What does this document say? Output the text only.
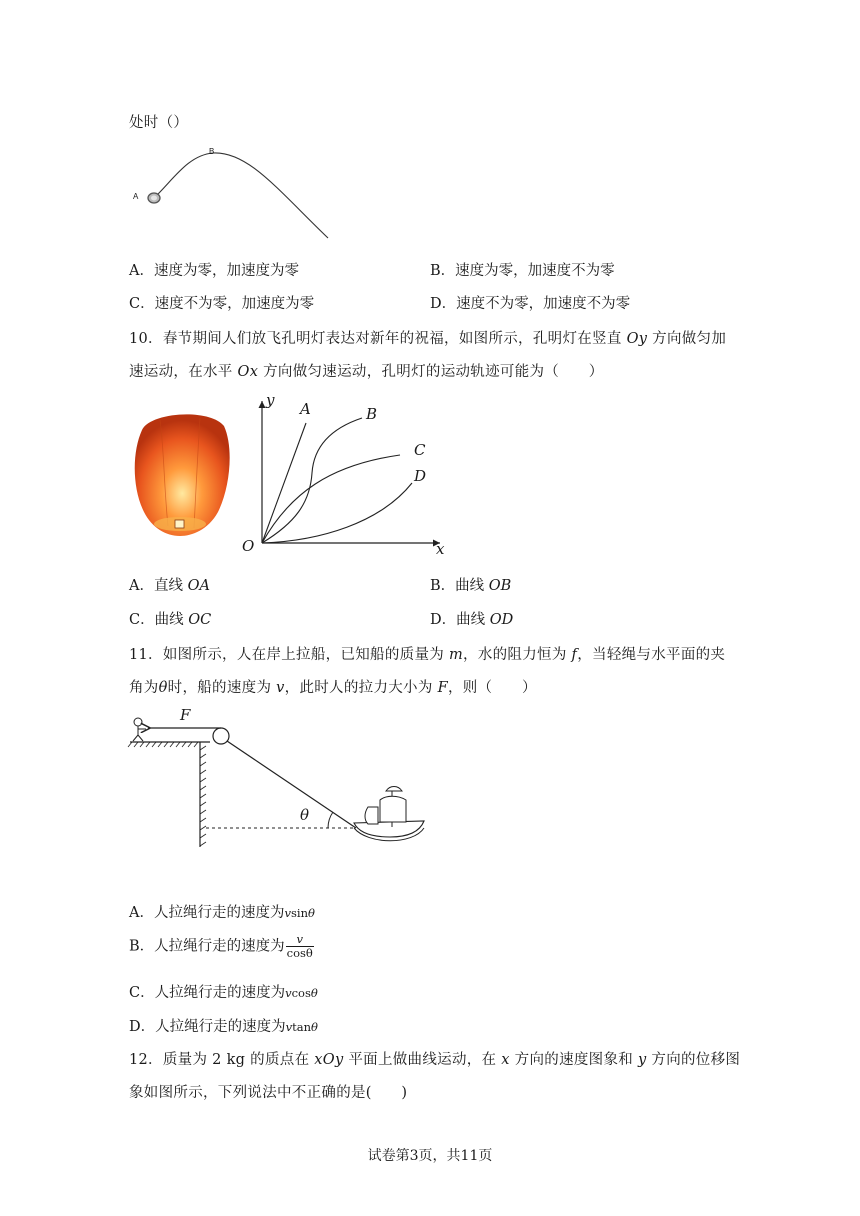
处时（）
A
B
A．速度为零，加速度为零	B．速度为零，加速度不为零
C．速度不为零，加速度为零	D．速度不为零，加速度不为零
10．春节期间人们放飞孔明灯表达对新年的祝福，如图所示，孔明灯在竖直 Oy 方向做匀加
速运动，在水平 Ox 方向做匀速运动，孔明灯的运动轨迹可能为（　　）
y
x
O
A	B
C
D
A．直线 OA	B．曲线 OB
C．曲线 OC	D．曲线 OD
11．如图所示，人在岸上拉船，已知船的质量为 m，水的阻力恒为 f，当轻绳与水平面的夹
角为θ时，船的速度为 v，此时人的拉力大小为 F，则（　　）
F
θ
A．人拉绳行走的速度为vsinθ
B．人拉绳行走的速度为 $\frac{v}{\cos\theta}$
C．人拉绳行走的速度为vcosθ
D．人拉绳行走的速度为vtanθ
12．质量为 2 kg 的质点在 xOy 平面上做曲线运动，在 x 方向的速度图象和 y 方向的位移图
象如图所示，下列说法中不正确的是(　　)
试卷第3页，共11页
